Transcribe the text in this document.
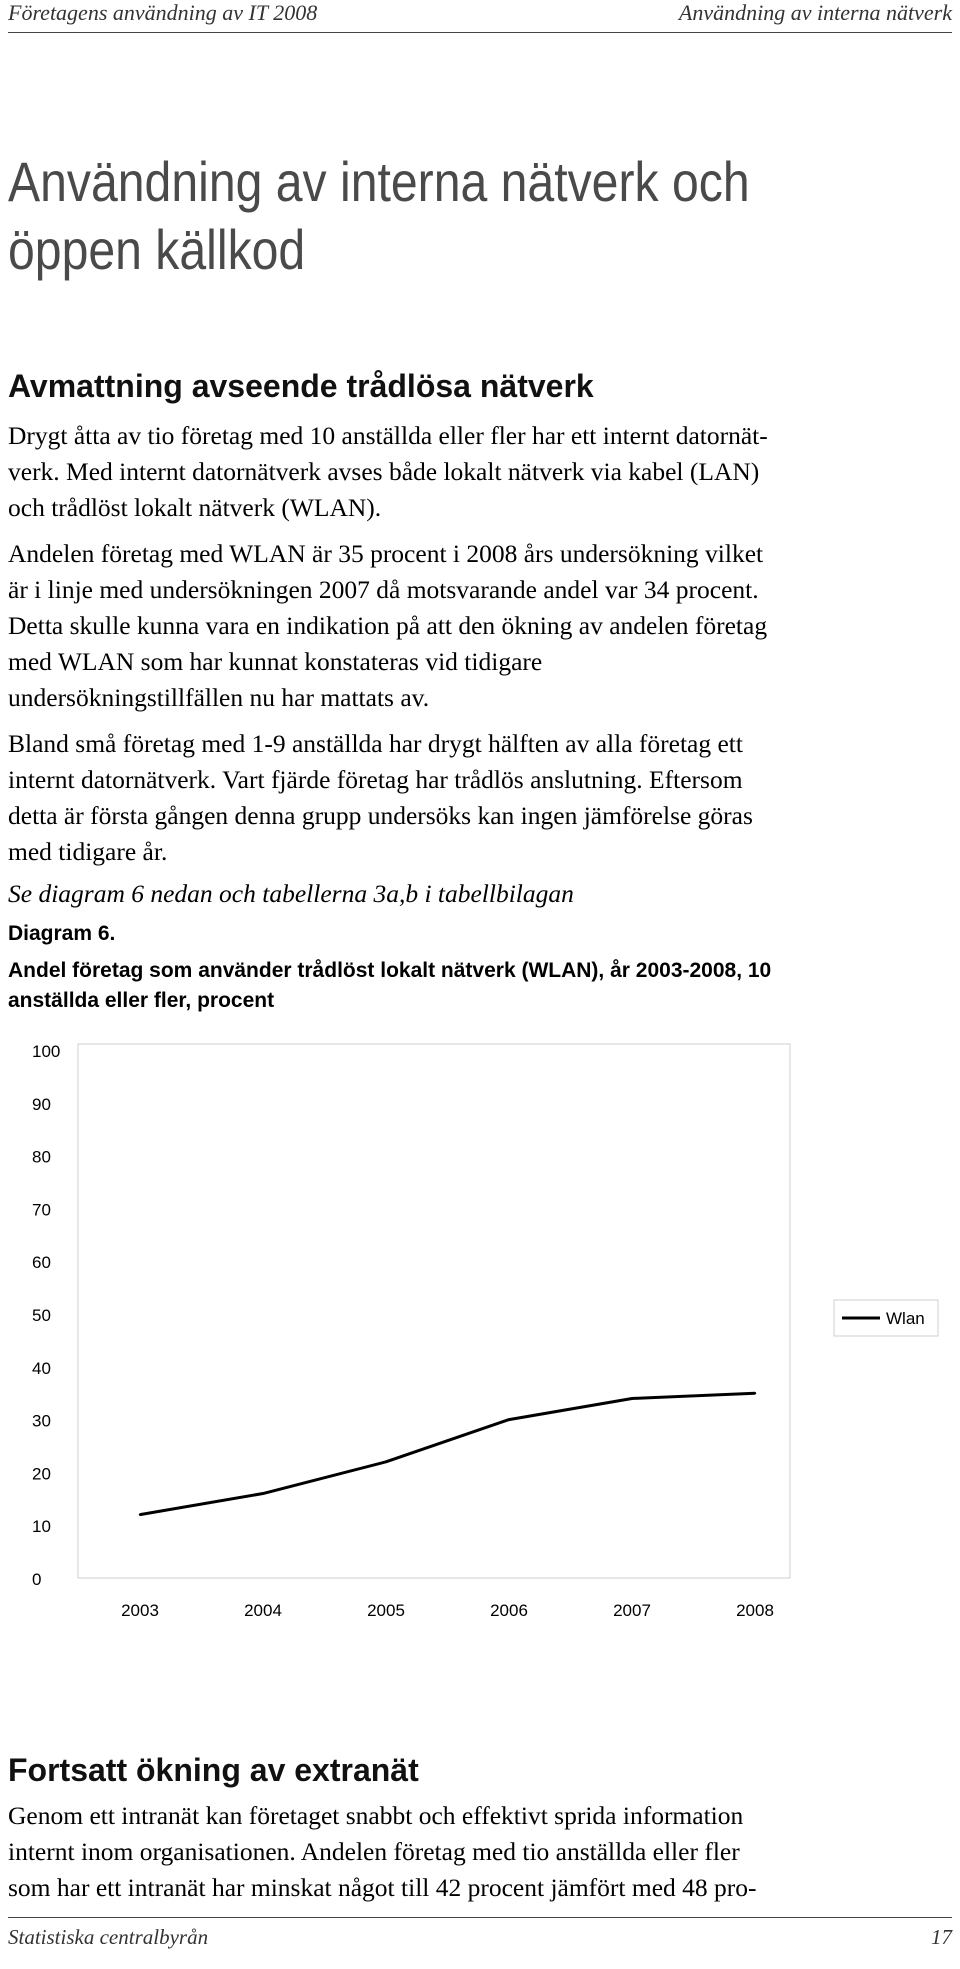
Företagens användning av IT 2008	Användning av interna nätverk
Användning av interna nätverk och
öppen källkod
Avmattning avseende trådlösa nätverk
Drygt åtta av tio företag med 10 anställda eller fler har ett internt datornät-
verk. Med internt datornätverk avses både lokalt nätverk via kabel (LAN)
och trådlöst lokalt nätverk (WLAN).
Andelen företag med WLAN är 35 procent i 2008 års undersökning vilket
är i linje med undersökningen 2007 då motsvarande andel var 34 procent.
Detta skulle kunna vara en indikation på att den ökning av andelen företag
med WLAN som har kunnat konstateras vid tidigare
undersökningstillfällen nu har mattats av.
Bland små företag med 1-9 anställda har drygt hälften av alla företag ett
internt datornätverk. Vart fjärde företag har trådlös anslutning. Eftersom
detta är första gången denna grupp undersöks kan ingen jämförelse göras
med tidigare år.
Se diagram 6 nedan och tabellerna 3a,b i tabellbilagan
Diagram 6.
Andel företag som använder trådlöst lokalt nätverk (WLAN), år 2003-2008, 10
anställda eller fler, procent
0
10
20
30
40
50
60
70
80
90
100
2003	2004	2005	2006	2007	2008
Wlan
Fortsatt ökning av extranät
Genom ett intranät kan företaget snabbt och effektivt sprida information
internt inom organisationen. Andelen företag med tio anställda eller fler
som har ett intranät har minskat något till 42 procent jämfört med 48 pro-
Statistiska centralbyrån	17
